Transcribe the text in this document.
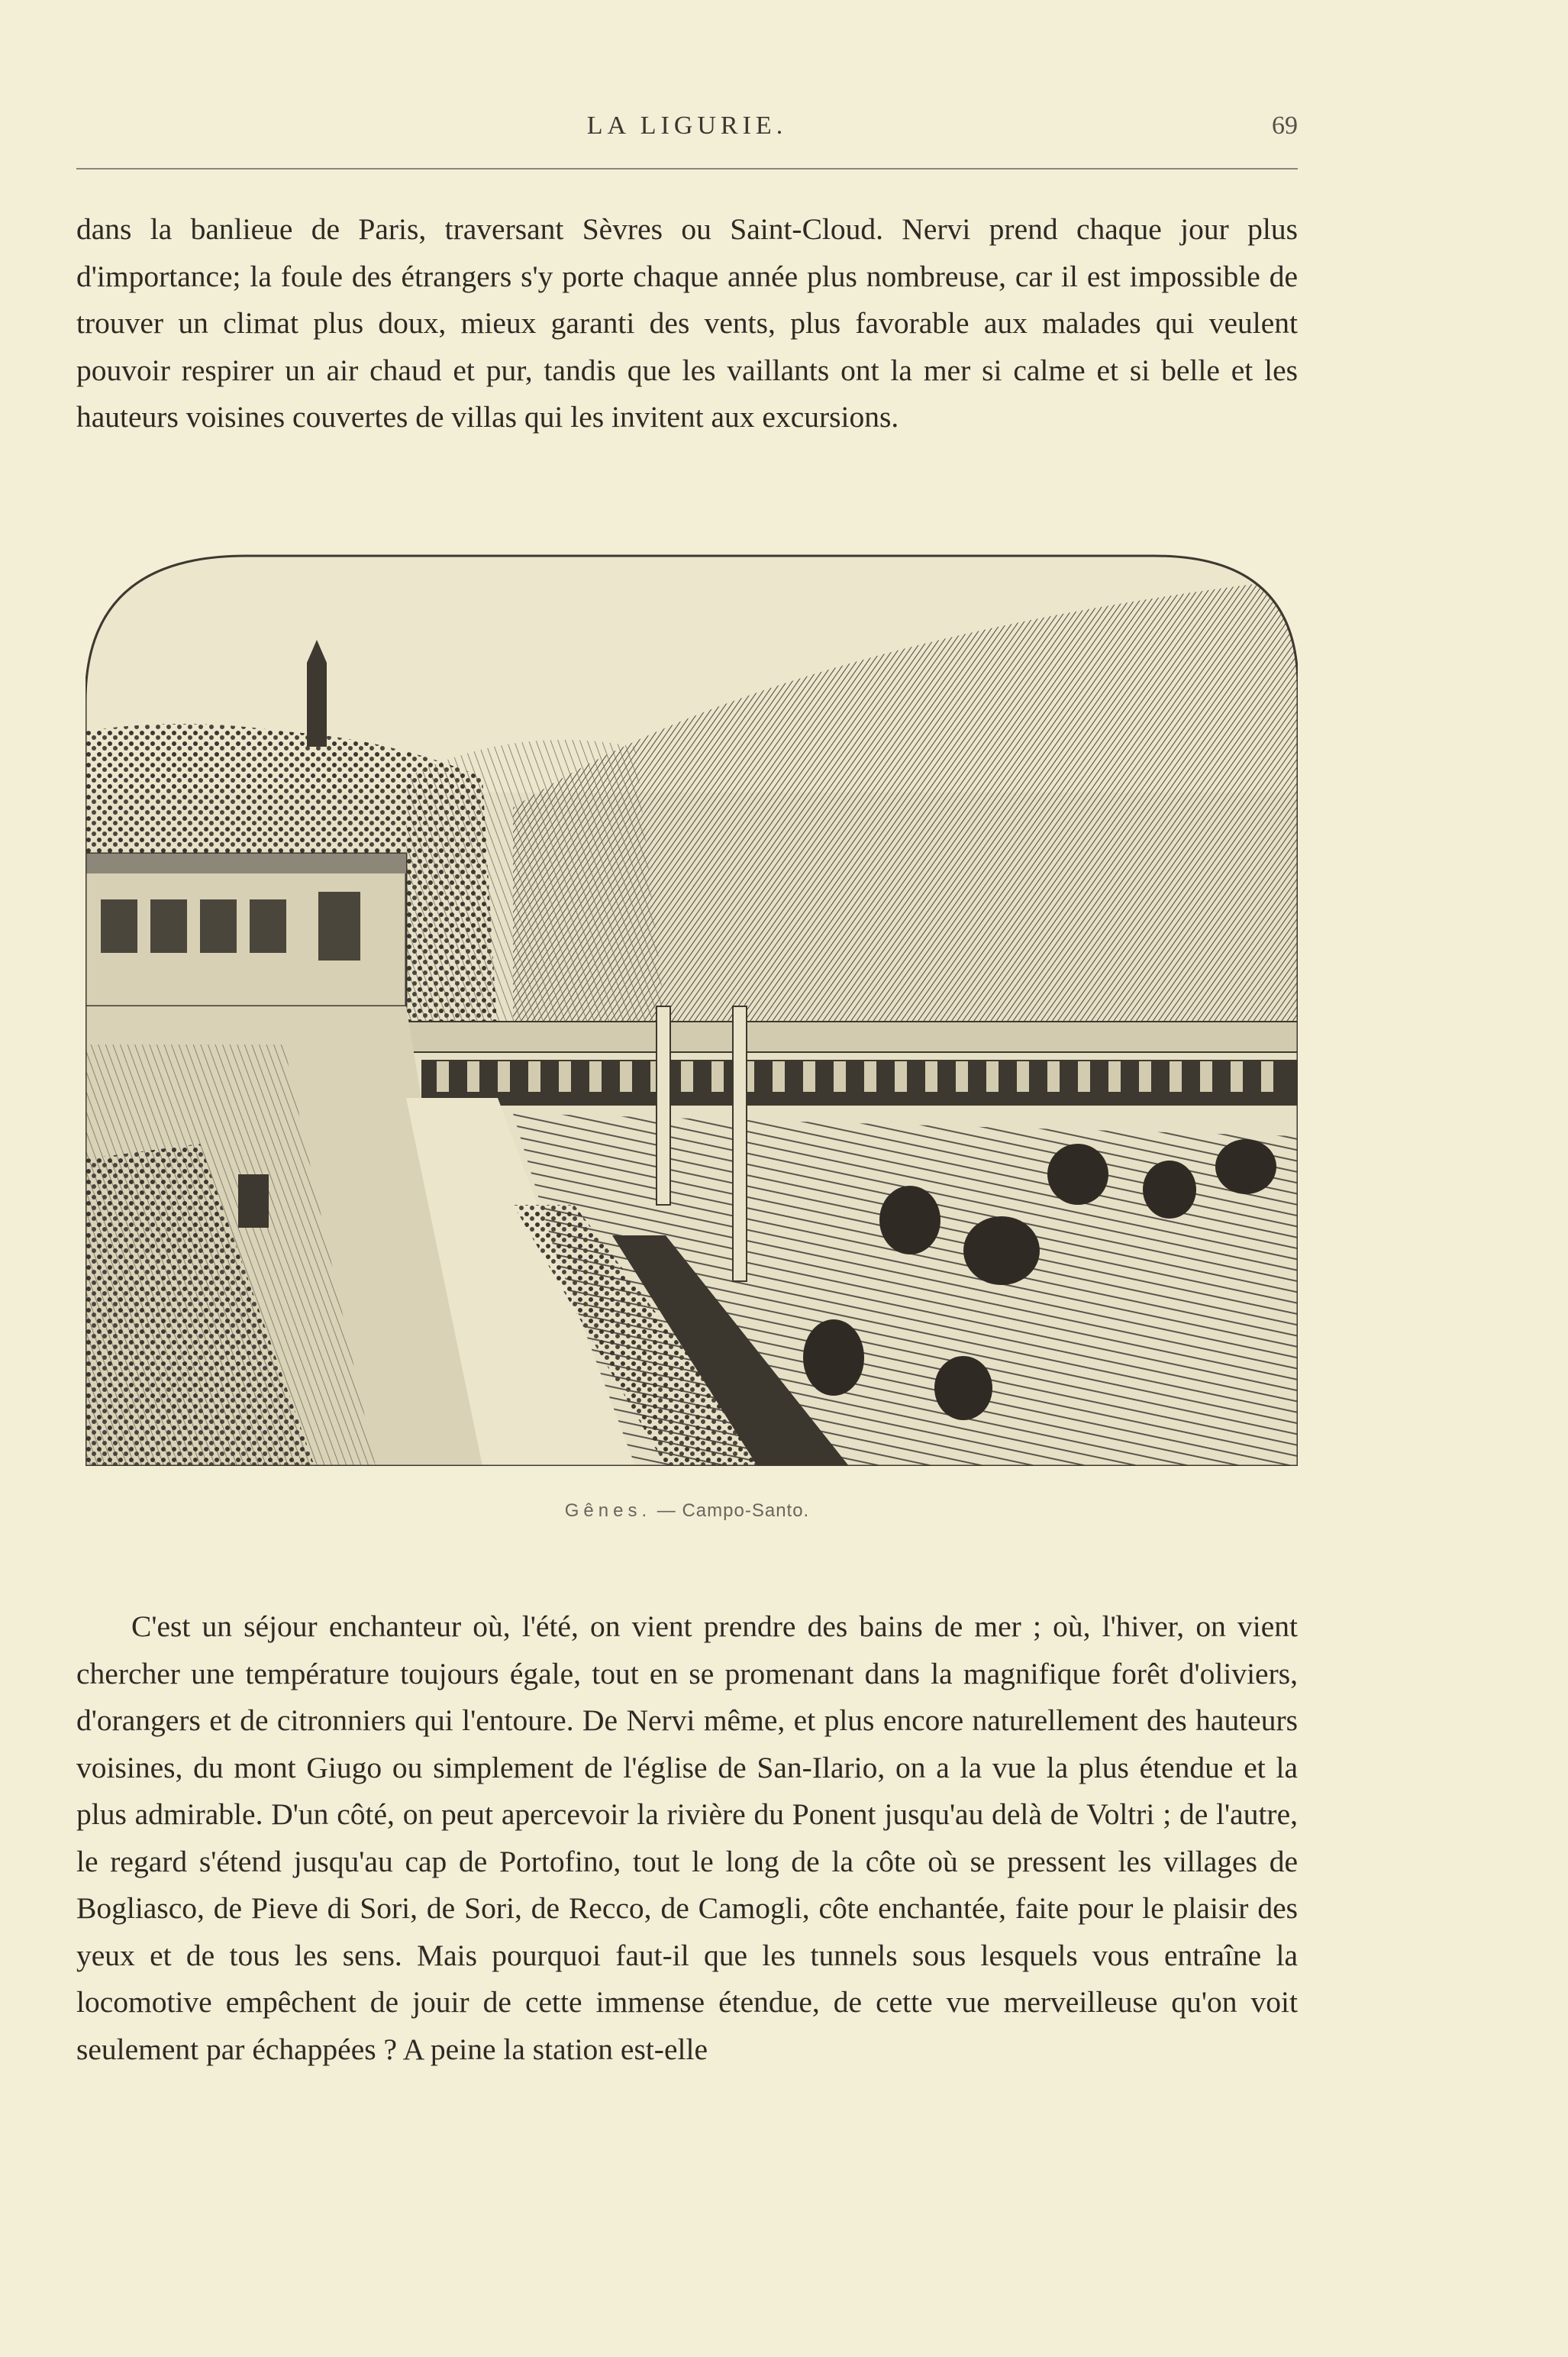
LA LIGURIE.	69

dans la banlieue de Paris, traversant Sèvres ou Saint-Cloud. Nervi prend chaque jour plus d'importance; la foule des étrangers s'y porte chaque année plus nombreuse, car il est impossible de trouver un climat plus doux, mieux garanti des vents, plus favorable aux malades qui veulent pouvoir respirer un air chaud et pur, tandis que les vaillants ont la mer si calme et si belle et les hauteurs voisines couvertes de villas qui les invitent aux excursions.

Gênes. — Campo-Santo.

C'est un séjour enchanteur où, l'été, on vient prendre des bains de mer ; où, l'hiver, on vient chercher une température toujours égale, tout en se promenant dans la magnifique forêt d'oliviers, d'orangers et de citronniers qui l'entoure. De Nervi même, et plus encore naturellement des hauteurs voisines, du mont Giugo ou simplement de l'église de San-Ilario, on a la vue la plus étendue et la plus admirable. D'un côté, on peut apercevoir la rivière du Ponent jusqu'au delà de Voltri ; de l'autre, le regard s'étend jusqu'au cap de Portofino, tout le long de la côte où se pressent les villages de Bogliasco, de Pieve di Sori, de Sori, de Recco, de Camogli, côte enchantée, faite pour le plaisir des yeux et de tous les sens. Mais pourquoi faut-il que les tunnels sous lesquels vous entraîne la locomotive empêchent de jouir de cette immense étendue, de cette vue merveilleuse qu'on voit seulement par échappées ? A peine la station est-elle
